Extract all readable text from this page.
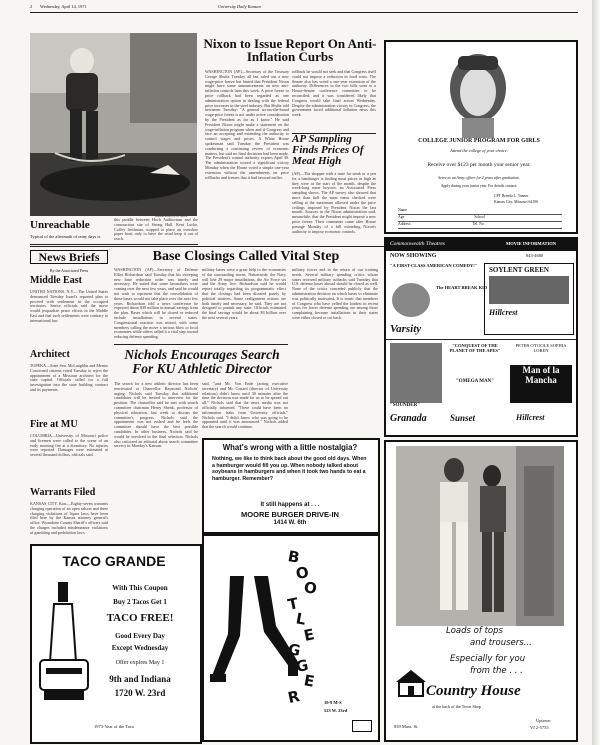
2 Wednesday, April 14, 1971	University Daily Kansan
Kansan Photo by N. Strick
Unreachable
Typical of the aftermath of rainy days is
this puddle between Hoch Auditorium and the construction site of Strong Hall. Kent Lucke, Coffey freshman, stopped to place an overshoe paper boat; only to have the wind keep it out of reach.
Nixon to Issue Report On Anti-Inflation Curbs
WASHINGTON (AP)—Secretary of the Treasury George Shultz Tuesday all but ruled out a new wage-price freeze but hinted that President Nixon might have some announcements on new anti-inflation controls later this week. A price freeze or price rollback had been regarded as one administration option in dealing with the federal price increases in the steel industry. But Shultz told newsmen Tuesday: "A general across-the-board wage-price freeze is not under active consideration by the President as far as I know." He said President Nixon might make a statement on the wage-inflation program when and if Congress and face an accepting and extending the authority to control wages and prices. A White House spokesman said Tuesday the President was conducting a continuing review of economic matters, but said no final decisions had been made. The President's control authority expires April 30. The administration scored a significant victory Monday when the House voted a simple one-year extension without the amendments on price rollbacks and freezes that it had favored earlier.
rollback he would not seek and that Congress itself could not impose a reduction in food costs. The Senate also has voted a one-year extension of the authority. Differences in the two bills went to a House-Senate conference committee to be reconciled, and it was considered likely that Congress would take final action Wednesday. Despite the administration victory in Congress, the government faced additional inflation news this week.
AP Sampling Finds Prices Of Meat High
(AP)—The shopper with a taste for steak or a yen for a hamburger is finding meat prices as high as they were at the start of the month, despite the week-long meat boycott, an Associated Press sampling shows. The AP survey also showed that more than half the meat items checked were selling at the maximum allowed under the price ceilings imposed by President Nixon the last month. Sources in the Nixon administration said, meanwhile, that the President might impose a new price freeze. Their comments came after House passage Monday of a bill extending Nixon's authority to impose economic controls.
COLLEGE JUNIOR PROGRAM FOR GIRLS
Attend the college of your choice.
Receive over $123 per month your senior year.
Serve as an Army officer for 2 years after graduation.
Apply during your junior year. For details contact:
CPT Brenda L. Tanner
Kansas City, Missouri 64106
Name
Age	School
Address	Tel. No.
News Briefs
By the Associated Press
Middle East
UNITED NATIONS, N.Y.—The United States denounced Tuesday Israel's reported plan to proceed with settlement in the occupied territories. Senior officials said the move would jeopardize peace efforts in the Middle East and that such settlements were contrary to international law.
Architect
TOPEKA—State Sen. McLaughlin and Menno Concerned citizens voted Tuesday to reject the appointment of a Missouri architect for the state capital. Officials called for a full investigation into the state building contract and its payments.
Fire at MU
COLUMBIA—University of Missouri police and firemen were called to the scene of an early morning fire at a dormitory. No injuries were reported. Damages were estimated at several thousand dollars, officials said.
Warrants Filed
KANSAS CITY, Kan.—Eighty-seven warrants charging operation of an open saloon and three charging violations of liquor laws have been filed here by the Kansas attorney general's office. Wyandotte County Sheriff's officers said the charges included misdemeanor violations of gambling and prohibition laws.
Base Closings Called Vital Step
WASHINGTON (AP)—Secretary of Defense Elliot Richardson said Tuesday that his sweeping new base reduction order was timely and necessary. He stated that some lawmakers were coming over the next few years, and said he would not wish to represent that the consolidation of these bases would not take place over the next few years. Richardson told a news conference he expected about $39 million in annual savings from the plan. Bases which will be closed or reduced include installations in several states. Congressional reaction was mixed, with some members calling the move a serious blow to local economies while others called it a vital step toward reducing defense spending.
military bases were a great help to the economies of the surrounding towns. Nationwide, the Navy will lose 29 major installations, the Air Force six and the Army five. Richardson said he would report totally regarding its programmatic effect that the closings had been dictated purely by political motives. Some realignment actions are both timely and necessary, he said. They are not designed to punish any state. Officials estimated the final savings would be about $3 billion over the next several years.
military forces and in the return of our training needs. Several military spending critics whose states received military cutbacks said Tuesday that U.S. defense bases abroad should be closed as well. None of the critics conceded publicly that the administration decision on which bases to eliminate was politically motivated. It is ironic that members of Congress who have yelled the loudest in recent years for lower defense spending are among those complaining because installations in their states were either closed or cut back.
Nichols Encourages Search For KU Athletic Director
The search for a new athletic director has been reactivated at Chancellor Raymond Nichols' urging. Nichols said Tuesday that additional candidates will be invited to interview for the position. The chancellor said he met with search committee chairman Henry Shenk, professor of physical education, last week to discuss the committee's progress. Nichols said the appointment was not rushed and he feels the committee should have the best possible candidates. In other business, Nichols said he would be involved in the final selection. Nichols also criticized an editorial about search committee secrecy in Monday's Kansan.
said, "and Mr. Von Ende (acting executive secretary) and Mr. Conard (director of University relations) didn't know until 30 minutes after the time the decision was made for us to be spread out all." Nichols said that the news media was not officially informed. "There could have been no information leaks from University officials," Nichols said. "I didn't know who was going to be appointed until it was announced." Nichols added that the search would continue.
TACO GRANDE
With This Coupon
Buy 2 Tacos Get 1
TACO FREE!
Good Every Day
Except Wednesday
Offer expires May 1
9th and Indiana
1720 W. 23rd
1973-Year of the Taco
What's wrong with a little nostalgia?
Nothing, we like to think back about the good old days. When a hamburger would fill you up. When nobody talked about soybeans in hamburgers and when it took two hands to eat a hamburger. Remember?
It still happens at . . .
MOORE BURGER DRIVE-IN
1414 W. 6th
B
O
O
T
L
E
G
G
E
R	10-9 M-S
523 W. 23rd
Commonwealth Theatres	MOVIE INFORMATION
NOW SHOWING	843-4680
"A FIRST-CLASS AMERICAN COMEDY!"
The HEART BREAK KID
Varsity
SOYLENT GREEN
Hillcrest
"SOUNDER"
Granada
"CONQUEST OF THE PLANET OF THE APES"
"OMEGA MAN"
Sunset
PETER O'TOOLE SOPHIA LOREN
Man of la Mancha
Hillcrest
Loads of tops
and trousers...
Especially for you
from the . . .
Country House
at the back of the Town Shop
839 Mass. St.
Uptown
VI 2-5755
